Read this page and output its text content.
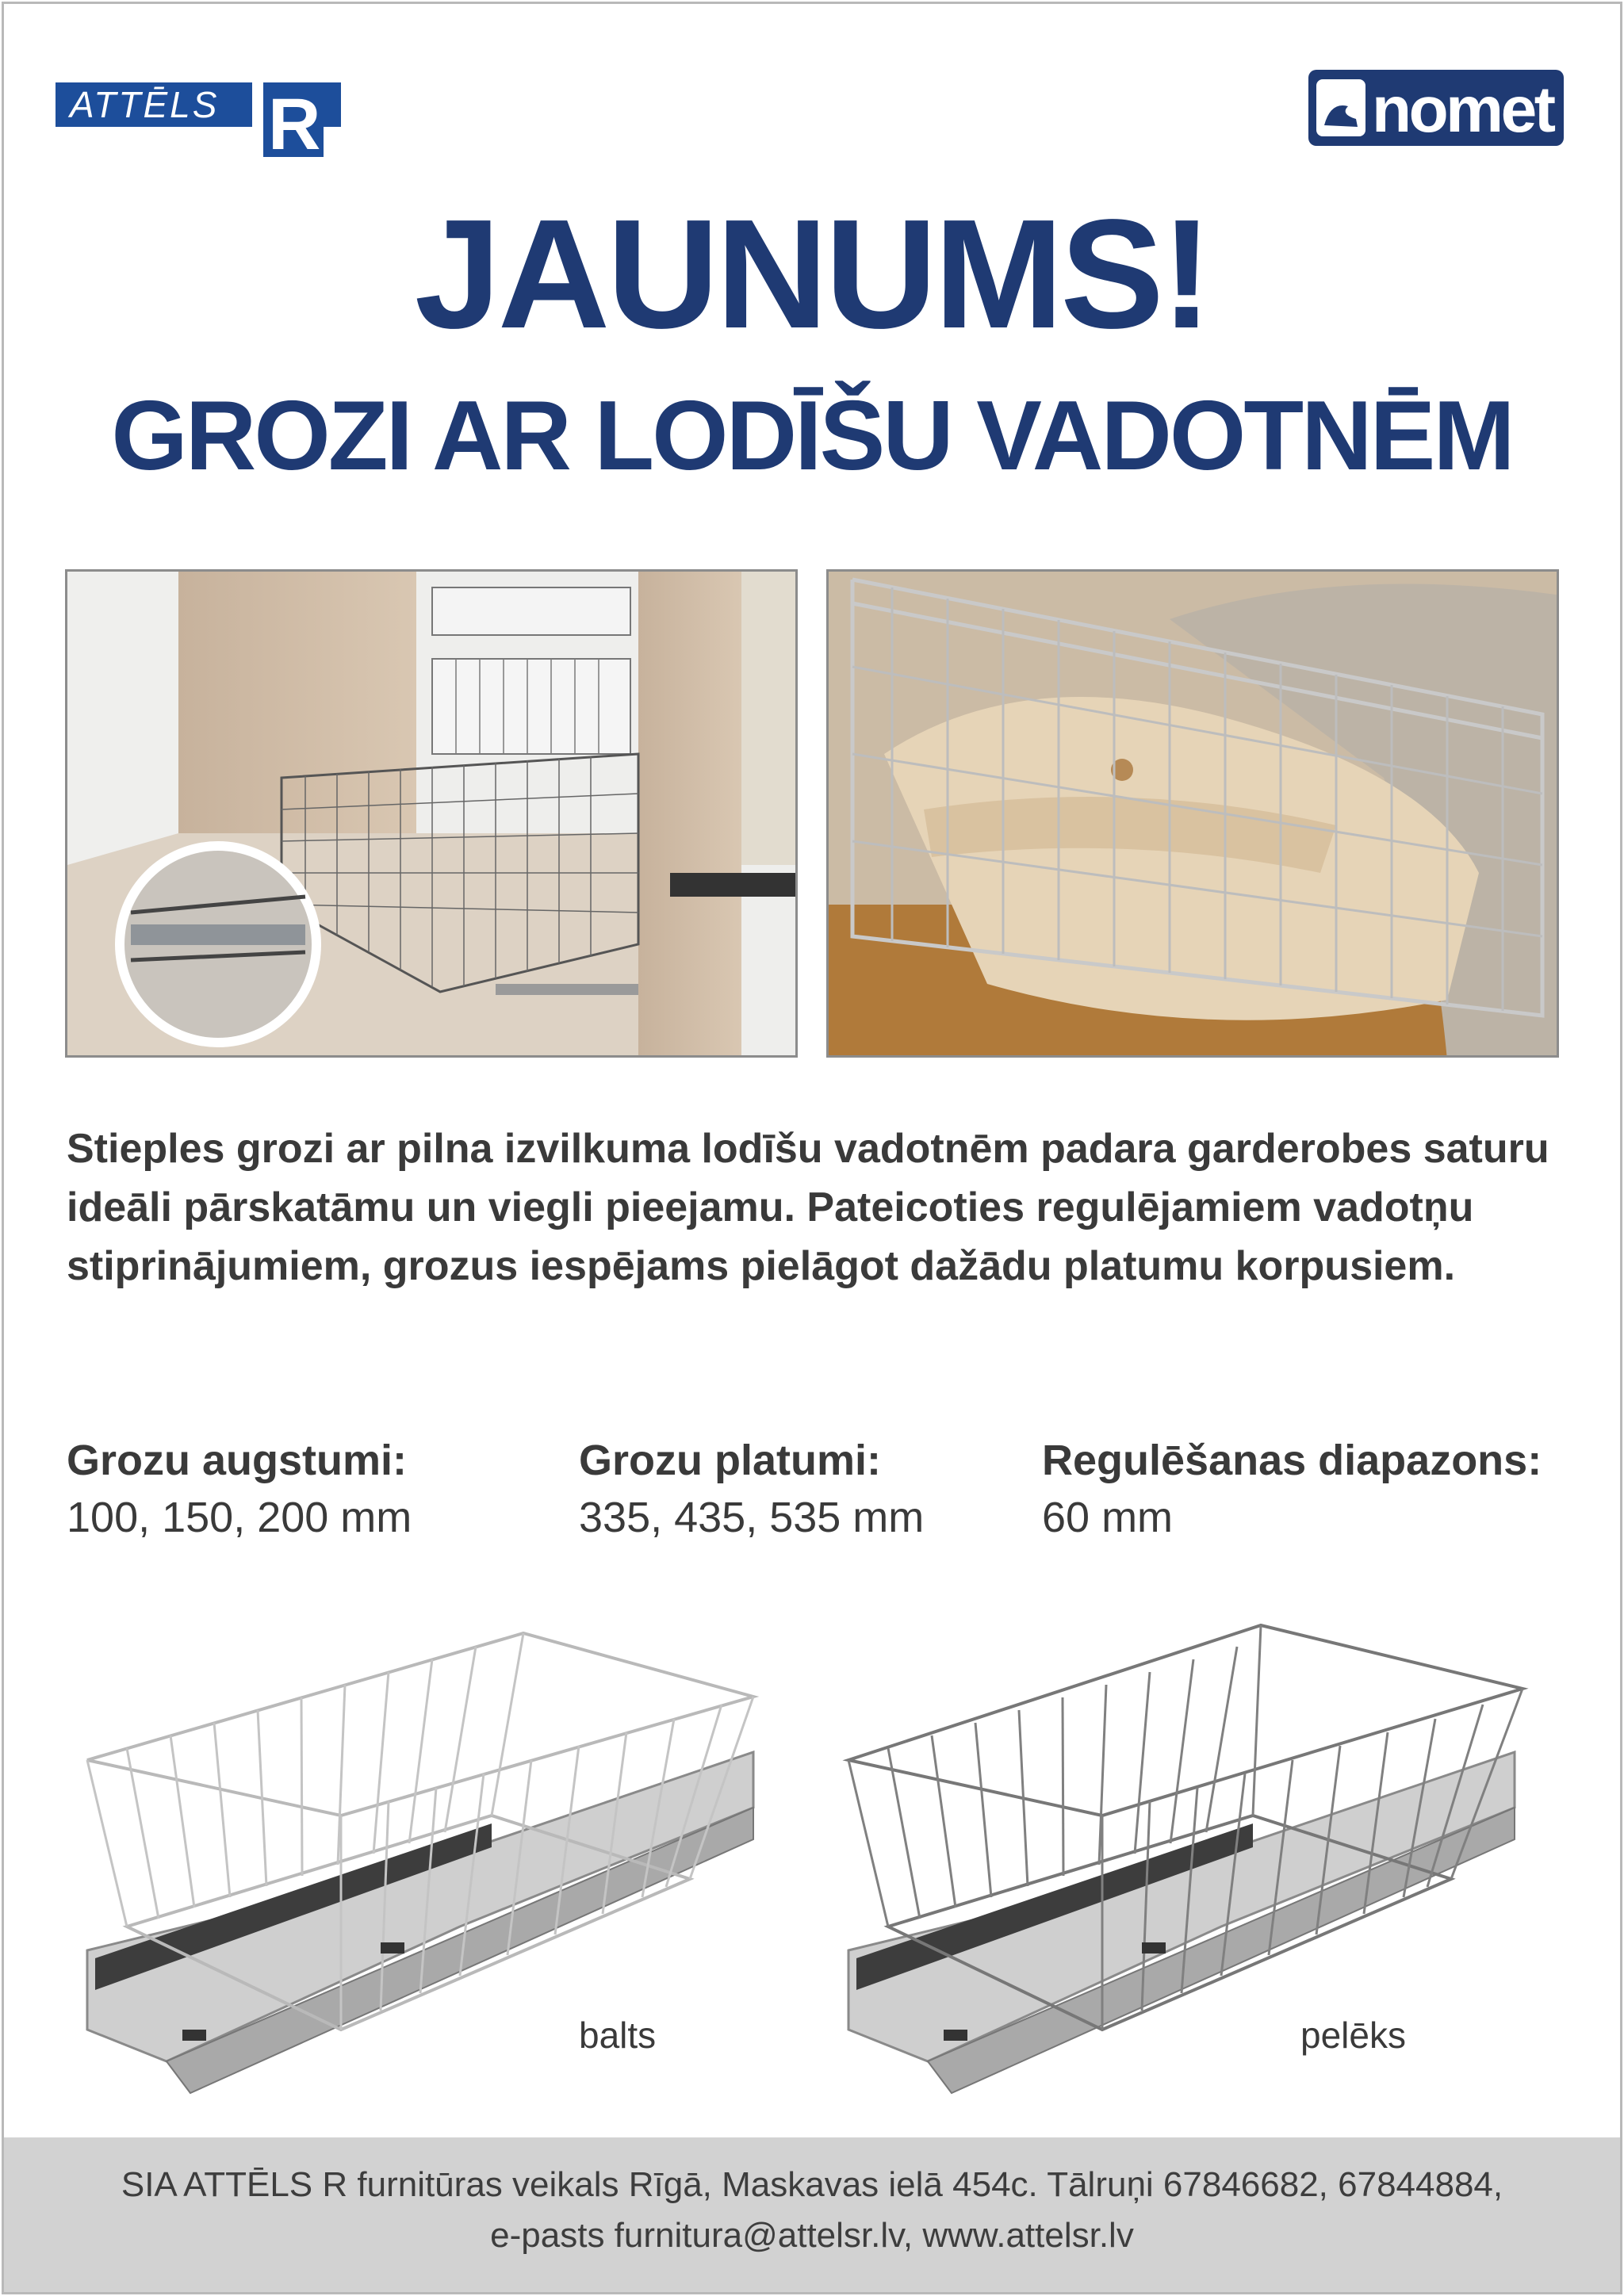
ATTĒLS R	nomet
JAUNUMS!
GROZI AR LODĪŠU VADOTNĒM
Stieples grozi ar pilna izvilkuma lodīšu vadotnēm padara garderobes saturu ideāli pārskatāmu un viegli pieejamu. Pateicoties regulējamiem vadotņu stiprinājumiem, grozus iespējams pielāgot dažādu platumu korpusiem.
Grozu augstumi:
100, 150, 200 mm
Grozu platumi:
335, 435, 535 mm
Regulēšanas diapazons:
60 mm
balts	pelēks
SIA ATTĒLS R furnitūras veikals Rīgā, Maskavas ielā 454c. Tālruņi 67846682, 67844884,
e-pasts furnitura@attelsr.lv, www.attelsr.lv
